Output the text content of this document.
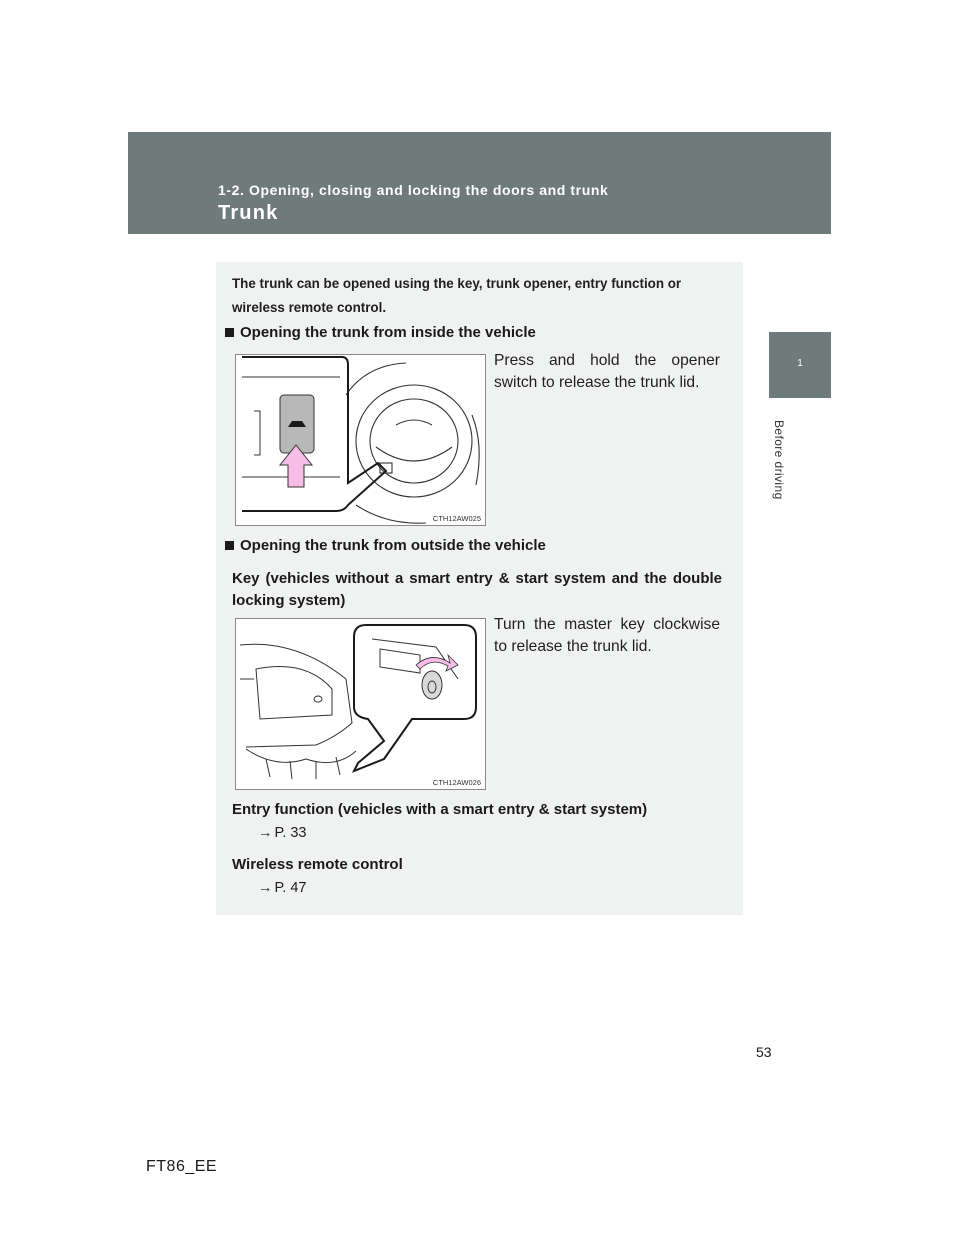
1-2. Opening, closing and locking the doors and trunk

Trunk
1
Before driving

The trunk can be opened using the key, trunk opener, entry function or wireless remote control.

Opening the trunk from inside the vehicle

CTH12AW025

Press and hold the opener switch to release the trunk lid.

Opening the trunk from outside the vehicle

Key (vehicles without a smart entry & start system and the double locking system)

CTH12AW026

Turn the master key clockwise to release the trunk lid.

Entry function (vehicles with a smart entry & start system)

→ P. 33

Wireless remote control

→ P. 47

53

FT86_EE
